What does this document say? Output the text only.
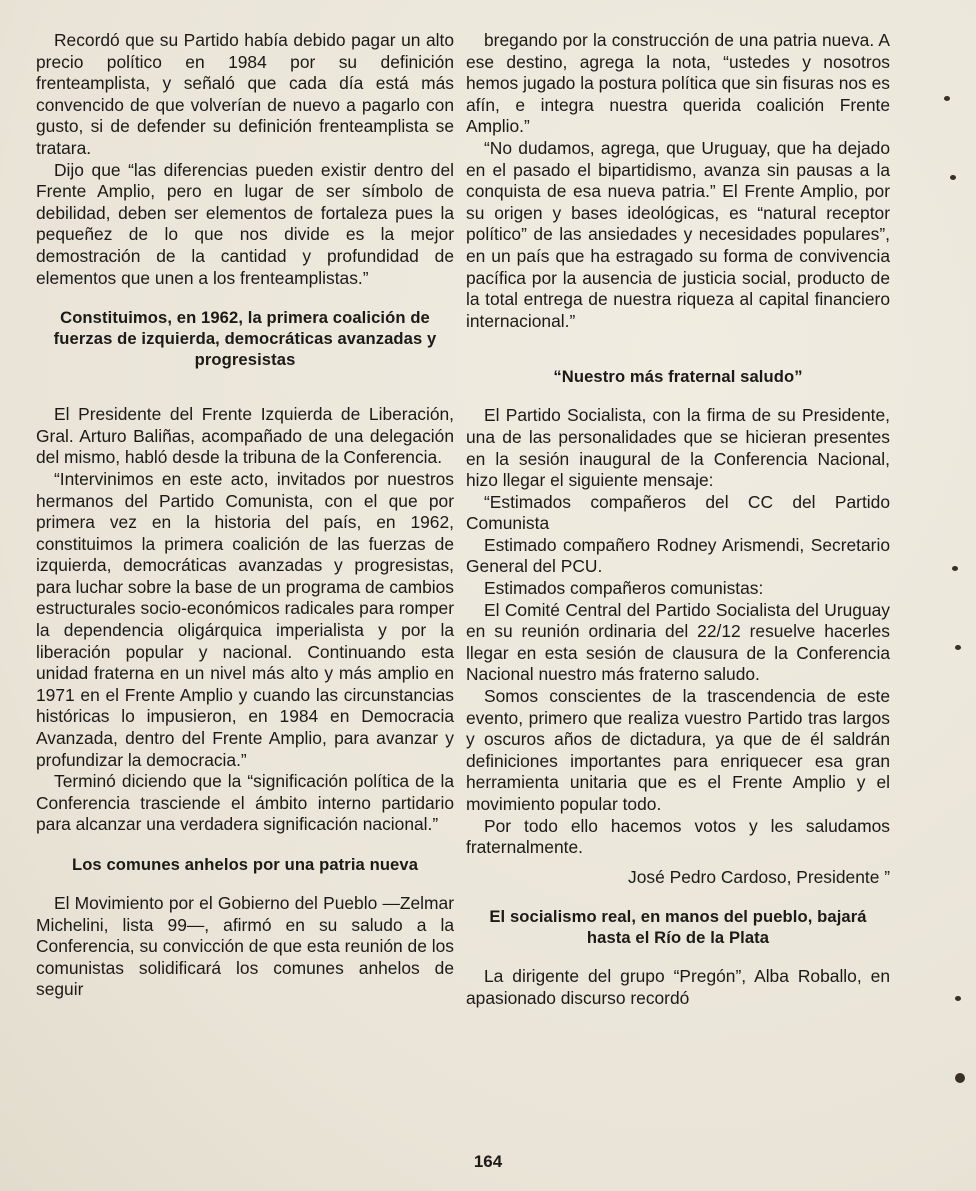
Recordó que su Partido había debido pagar un alto precio político en 1984 por su definición frenteamplista, y señaló que cada día está más convencido de que volverían de nuevo a pagarlo con gusto, si de defender su definición frenteamplista se tratara.

Dijo que “las diferencias pueden existir dentro del Frente Amplio, pero en lugar de ser símbolo de debilidad, deben ser elementos de fortaleza pues la pequeñez de lo que nos divide es la mejor demostración de la cantidad y profundidad de elementos que unen a los frenteamplistas.”

Constituimos, en 1962, la primera coalición de fuerzas de izquierda, democráticas avanzadas y progresistas

El Presidente del Frente Izquierda de Liberación, Gral. Arturo Baliñas, acompañado de una delegación del mismo, habló desde la tribuna de la Conferencia.

“Intervinimos en este acto, invitados por nuestros hermanos del Partido Comunista, con el que por primera vez en la historia del país, en 1962, constituimos la primera coalición de las fuerzas de izquierda, democráticas avanzadas y progresistas, para luchar sobre la base de un programa de cambios estructurales socio-económicos radicales para romper la dependencia oligárquica imperialista y por la liberación popular y nacional. Continuando esta unidad fraterna en un nivel más alto y más amplio en 1971 en el Frente Amplio y cuando las circunstancias históricas lo impusieron, en 1984 en Democracia Avanzada, dentro del Frente Amplio, para avanzar y profundizar la democracia.”

Terminó diciendo que la “significación política de la Conferencia trasciende el ámbito interno partidario para alcanzar una verdadera significación nacional.”

Los comunes anhelos por una patria nueva

El Movimiento por el Gobierno del Pueblo —Zelmar Michelini, lista 99—, afirmó en su saludo a la Conferencia, su convicción de que esta reunión de los comunistas solidificará los comunes anhelos de seguir

bregando por la construcción de una patria nueva. A ese destino, agrega la nota, “ustedes y nosotros hemos jugado la postura política que sin fisuras nos es afín, e integra nuestra querida coalición Frente Amplio.”

“No dudamos, agrega, que Uruguay, que ha dejado en el pasado el bipartidismo, avanza sin pausas a la conquista de esa nueva patria.” El Frente Amplio, por su origen y bases ideológicas, es “natural receptor político” de las ansiedades y necesidades populares”, en un país que ha estragado su forma de convivencia pacífica por la ausencia de justicia social, producto de la total entrega de nuestra riqueza al capital financiero internacional.”

“Nuestro más fraternal saludo”

El Partido Socialista, con la firma de su Presidente, una de las personalidades que se hicieran presentes en la sesión inaugural de la Conferencia Nacional, hizo llegar el siguiente mensaje:

“Estimados compañeros del CC del Partido Comunista

Estimado compañero Rodney Arismendi, Secretario General del PCU.

Estimados compañeros comunistas:

El Comité Central del Partido Socialista del Uruguay en su reunión ordinaria del 22/12 resuelve hacerles llegar en esta sesión de clausura de la Conferencia Nacional nuestro más fraterno saludo.

Somos conscientes de la trascendencia de este evento, primero que realiza vuestro Partido tras largos y oscuros años de dictadura, ya que de él saldrán definiciones importantes para enriquecer esa gran herramienta unitaria que es el Frente Amplio y el movimiento popular todo.

Por todo ello hacemos votos y les saludamos fraternalmente.

José Pedro Cardoso, Presidente ”

El socialismo real, en manos del pueblo, bajará hasta el Río de la Plata

La dirigente del grupo “Pregón”, Alba Roballo, en apasionado discurso recordó

164
